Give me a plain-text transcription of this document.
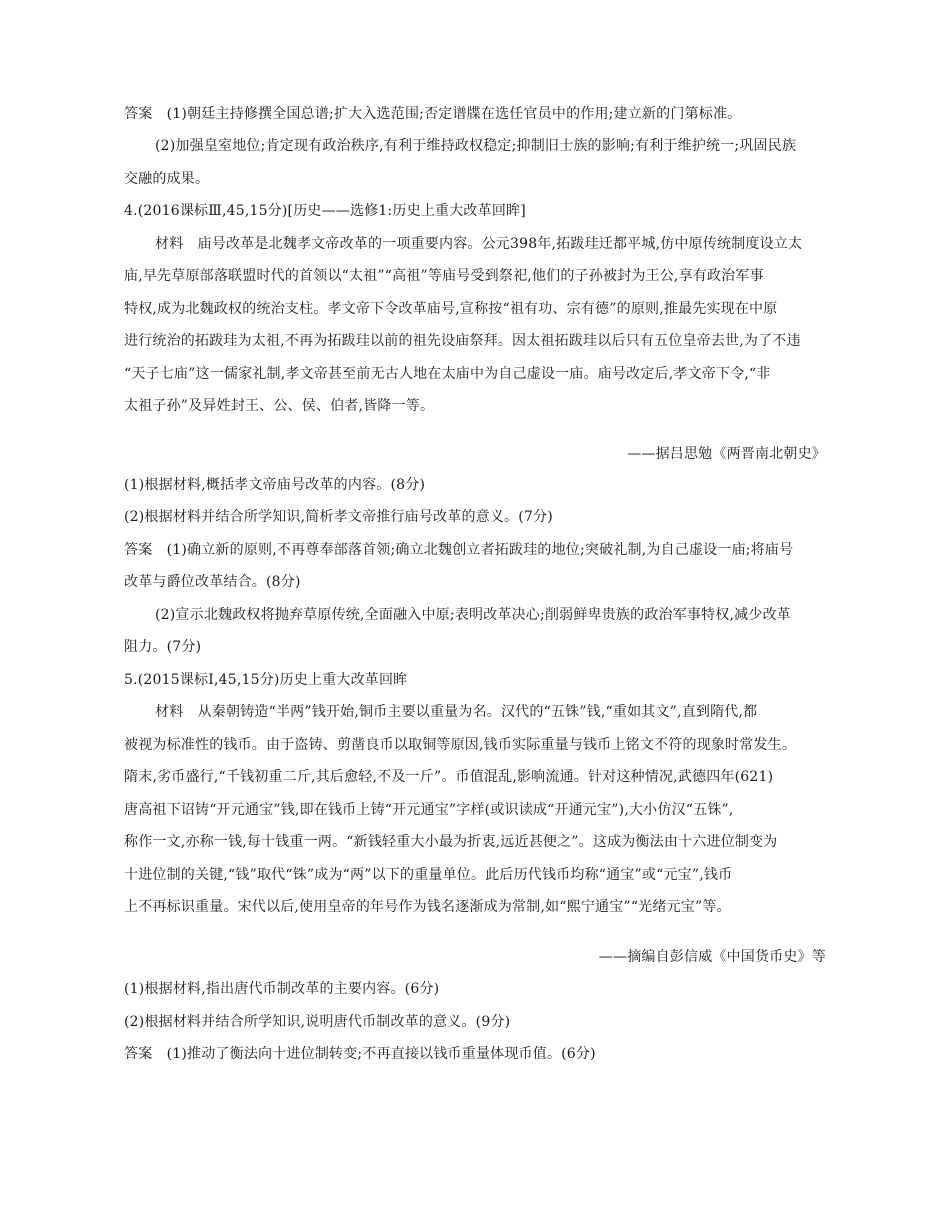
答案　(1)朝廷主持修撰全国总谱;扩大入选范围;否定谱牒在选任官员中的作用;建立新的门第标准。
(2)加强皇室地位;肯定现有政治秩序,有利于维持政权稳定;抑制旧士族的影响;有利于维护统一;巩固民族
交融的成果。
4.(2016课标Ⅲ,45,15分)[历史——选修1:历史上重大改革回眸]
材料　庙号改革是北魏孝文帝改革的一项重要内容。公元398年,拓跋珪迁都平城,仿中原传统制度设立太
庙,早先草原部落联盟时代的首领以“太祖”“高祖”等庙号受到祭祀,他们的子孙被封为王公,享有政治军事
特权,成为北魏政权的统治支柱。孝文帝下令改革庙号,宣称按“祖有功、宗有德”的原则,推最先实现在中原
进行统治的拓跋珪为太祖,不再为拓跋珪以前的祖先设庙祭拜。因太祖拓跋珪以后只有五位皇帝去世,为了不违
“天子七庙”这一儒家礼制,孝文帝甚至前无古人地在太庙中为自己虚设一庙。庙号改定后,孝文帝下令,“非
太祖子孙”及异姓封王、公、侯、伯者,皆降一等。
——据吕思勉《两晋南北朝史》
(1)根据材料,概括孝文帝庙号改革的内容。(8分)
(2)根据材料并结合所学知识,简析孝文帝推行庙号改革的意义。(7分)
答案　(1)确立新的原则,不再尊奉部落首领;确立北魏创立者拓跋珪的地位;突破礼制,为自己虚设一庙;将庙号
改革与爵位改革结合。(8分)
(2)宣示北魏政权将抛弃草原传统,全面融入中原;表明改革决心;削弱鲜卑贵族的政治军事特权,减少改革
阻力。(7分)
5.(2015课标Ⅰ,45,15分)历史上重大改革回眸
材料　从秦朝铸造“半两”钱开始,铜币主要以重量为名。汉代的“五铢”钱,“重如其文”,直到隋代,都
被视为标准性的钱币。由于盗铸、剪凿良币以取铜等原因,钱币实际重量与钱币上铭文不符的现象时常发生。
隋末,劣币盛行,“千钱初重二斤,其后愈轻,不及一斤”。币值混乱,影响流通。针对这种情况,武德四年(621)
唐高祖下诏铸“开元通宝”钱,即在钱币上铸“开元通宝”字样(或识读成“开通元宝”),大小仿汉“五铢”,
称作一文,亦称一钱,每十钱重一两。“新钱轻重大小最为折衷,远近甚便之”。这成为衡法由十六进位制变为
十进位制的关键,“钱”取代“铢”成为“两”以下的重量单位。此后历代钱币均称“通宝”或“元宝”,钱币
上不再标识重量。宋代以后,使用皇帝的年号作为钱名逐渐成为常制,如“熙宁通宝”“光绪元宝”等。
——摘编自彭信威《中国货币史》等
(1)根据材料,指出唐代币制改革的主要内容。(6分)
(2)根据材料并结合所学知识,说明唐代币制改革的意义。(9分)
答案　(1)推动了衡法向十进位制转变;不再直接以钱币重量体现币值。(6分)
